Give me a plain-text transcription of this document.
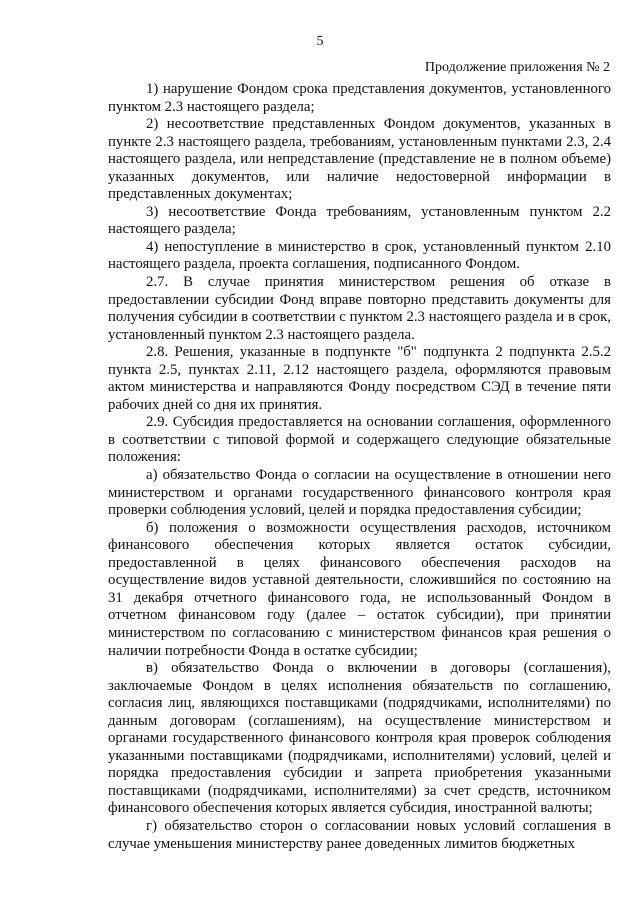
5
Продолжение приложения № 2

1) нарушение Фондом срока представления документов, установленного пунктом 2.3 настоящего раздела;

2) несоответствие представленных Фондом документов, указанных в пункте 2.3 настоящего раздела, требованиям, установленным пунктами 2.3, 2.4 настоящего раздела, или непредставление (представление не в полном объеме) указанных документов, или наличие недостоверной информации в представленных документах;

3) несоответствие Фонда требованиям, установленным пунктом 2.2 настоящего раздела;

4) непоступление в министерство в срок, установленный пунктом 2.10 настоящего раздела, проекта соглашения, подписанного Фондом.

2.7. В случае принятия министерством решения об отказе в предоставлении субсидии Фонд вправе повторно представить документы для получения субсидии в соответствии с пунктом 2.3 настоящего раздела и в срок, установленный пунктом 2.3 настоящего раздела.

2.8. Решения, указанные в подпункте "б" подпункта 2 подпункта 2.5.2 пункта 2.5, пунктах 2.11, 2.12 настоящего раздела, оформляются правовым актом министерства и направляются Фонду посредством СЭД в течение пяти рабочих дней со дня их принятия.

2.9. Субсидия предоставляется на основании соглашения, оформленного в соответствии с типовой формой и содержащего следующие обязательные положения:

а) обязательство Фонда о согласии на осуществление в отношении него министерством и органами государственного финансового контроля края проверки соблюдения условий, целей и порядка предоставления субсидии;

б) положения о возможности осуществления расходов, источником финансового обеспечения которых является остаток субсидии, предоставленной в целях финансового обеспечения расходов на осуществление видов уставной деятельности, сложившийся по состоянию на 31 декабря отчетного финансового года, не использованный Фондом в отчетном финансовом году (далее – остаток субсидии), при принятии министерством по согласованию с министерством финансов края решения о наличии потребности Фонда в остатке субсидии;

в) обязательство Фонда о включении в договоры (соглашения), заключаемые Фондом в целях исполнения обязательств по соглашению, согласия лиц, являющихся поставщиками (подрядчиками, исполнителями) по данным договорам (соглашениям), на осуществление министерством и органами государственного финансового контроля края проверок соблюдения указанными поставщиками (подрядчиками, исполнителями) условий, целей и порядка предоставления субсидии и запрета приобретения указанными поставщиками (подрядчиками, исполнителями) за счет средств, источником финансового обеспечения которых является субсидия, иностранной валюты;

г) обязательство сторон о согласовании новых условий соглашения в случае уменьшения министерству ранее доведенных лимитов бюджетных
